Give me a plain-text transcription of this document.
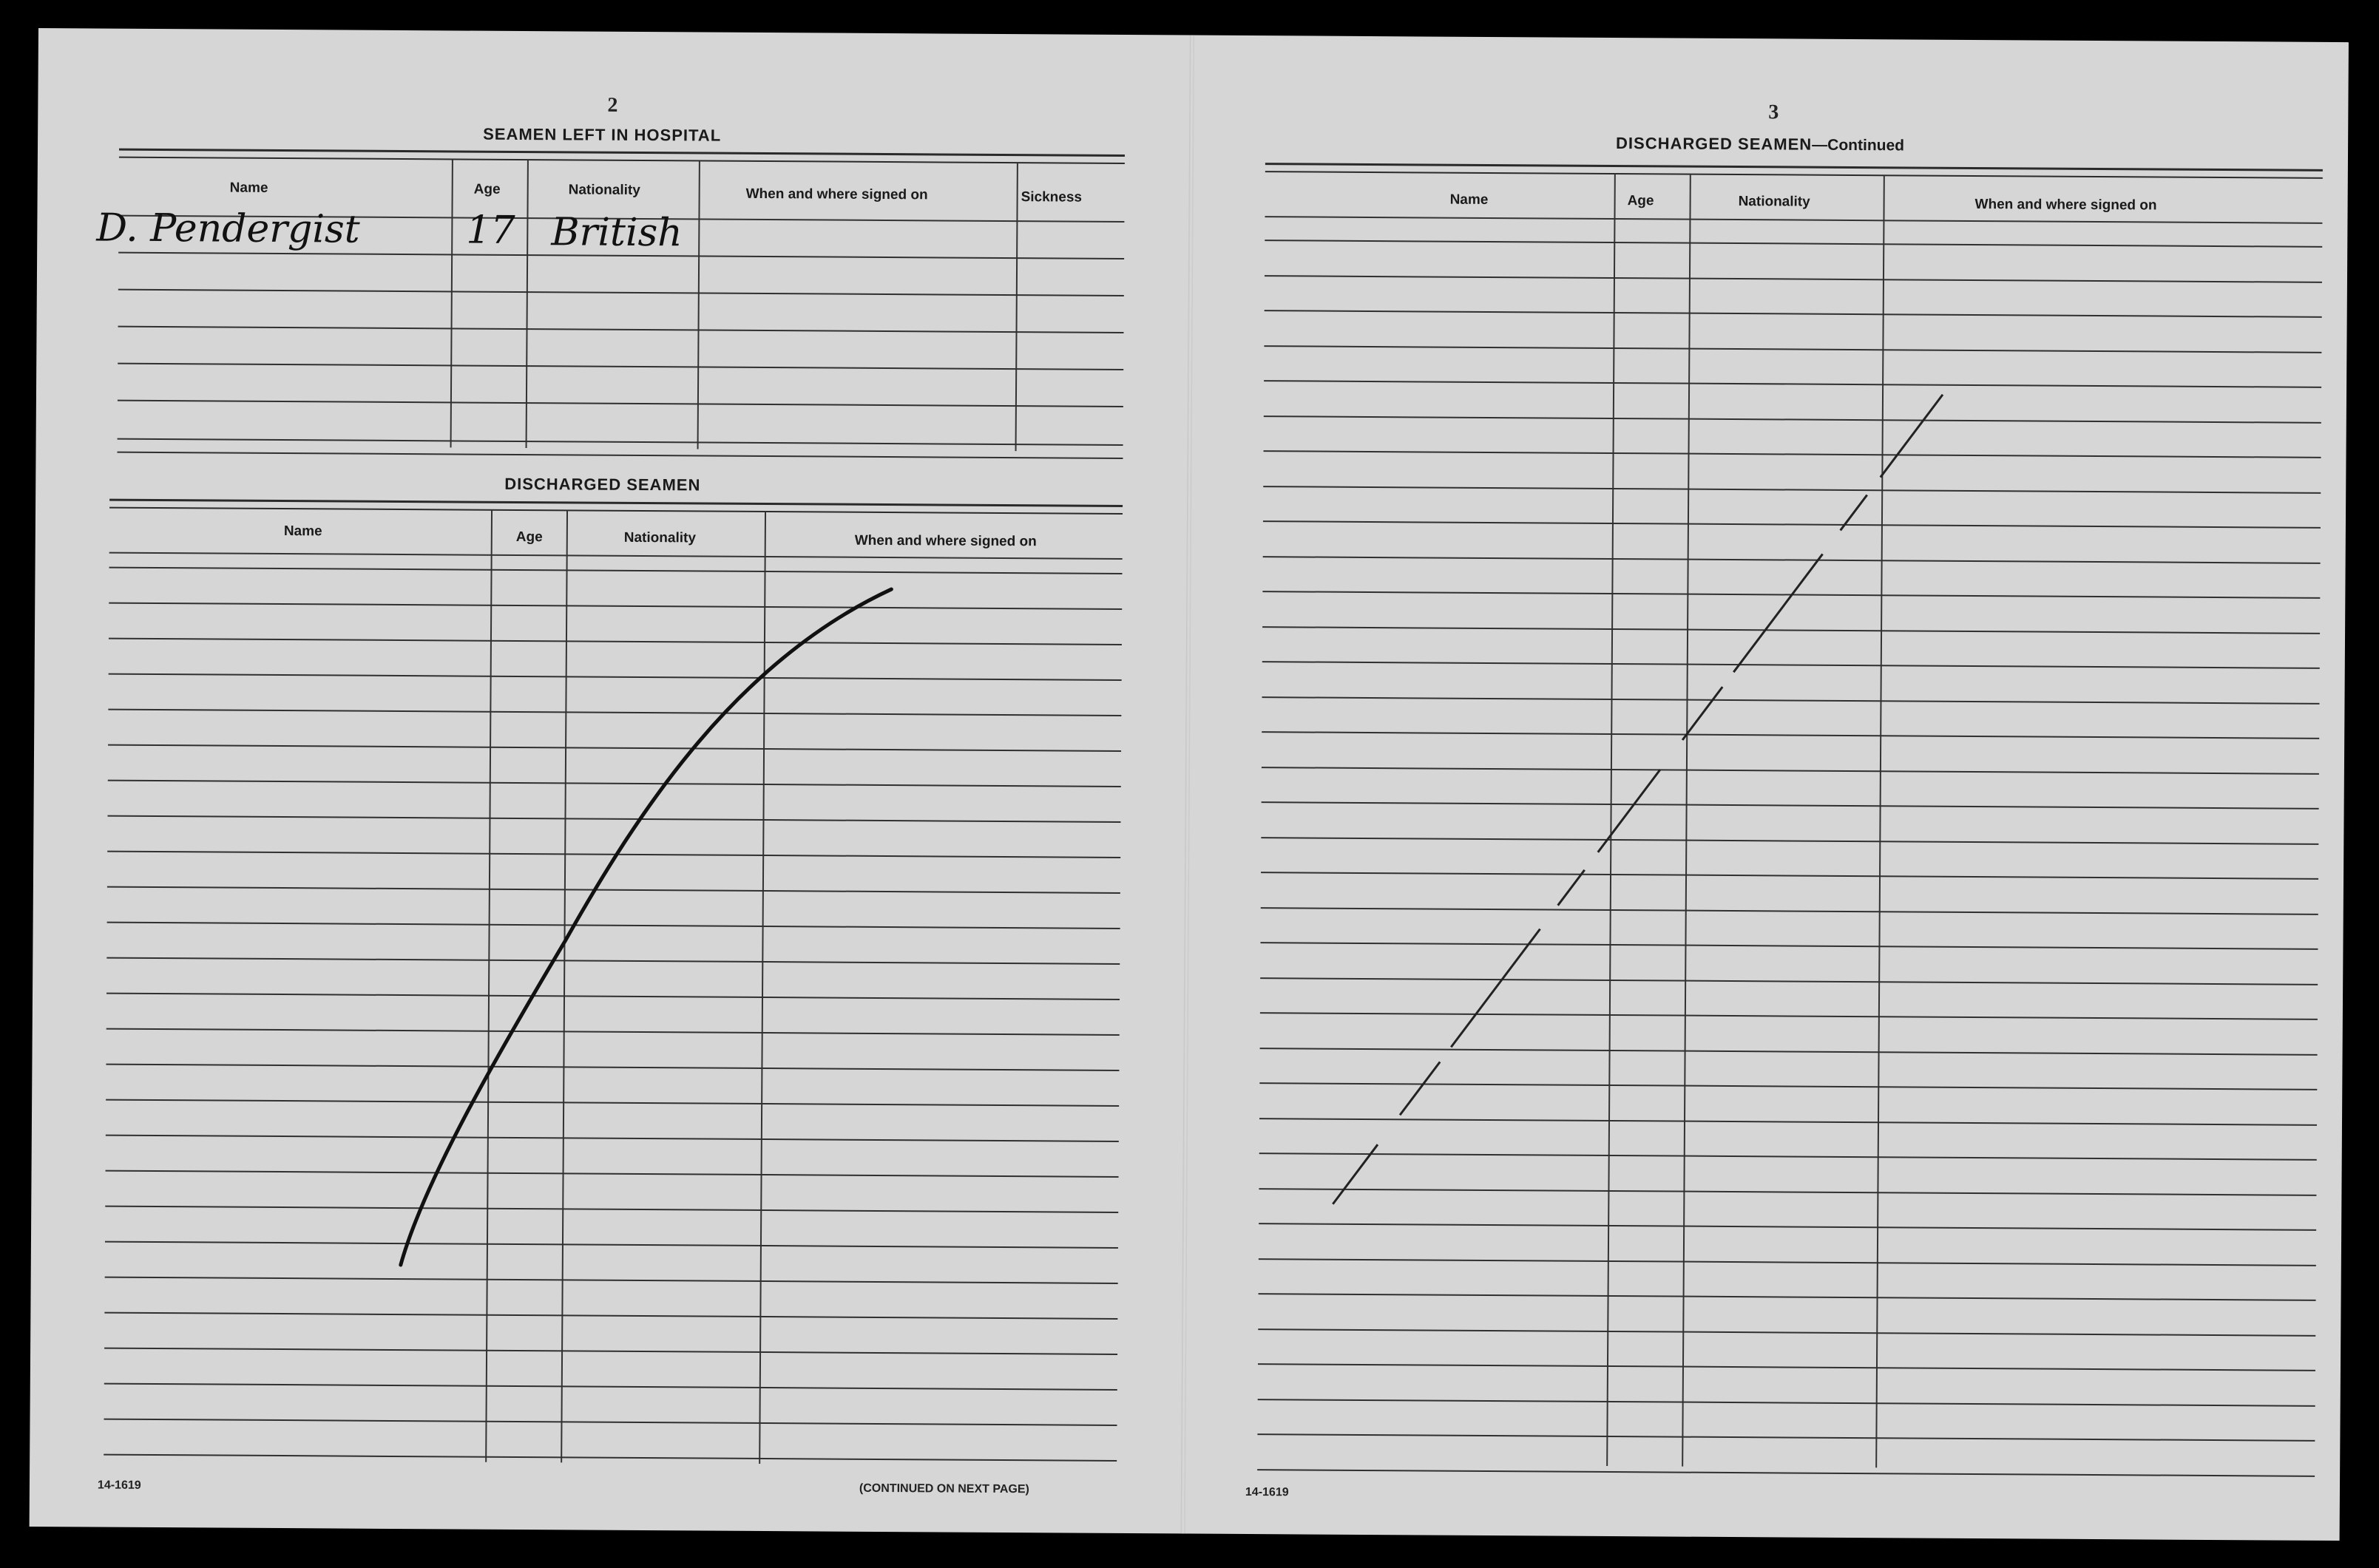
2
SEAMEN LEFT IN HOSPITAL
Name	Age	Nationality	When and where signed on	Sickness
D. Pendergist	17 British
DISCHARGED SEAMEN
Name	Age	Nationality	When and where signed on
14-1619	(CONTINUED ON NEXT PAGE)
3
DISCHARGED SEAMEN—Continued
Name	Age	Nationality	When and where signed on
14-1619
